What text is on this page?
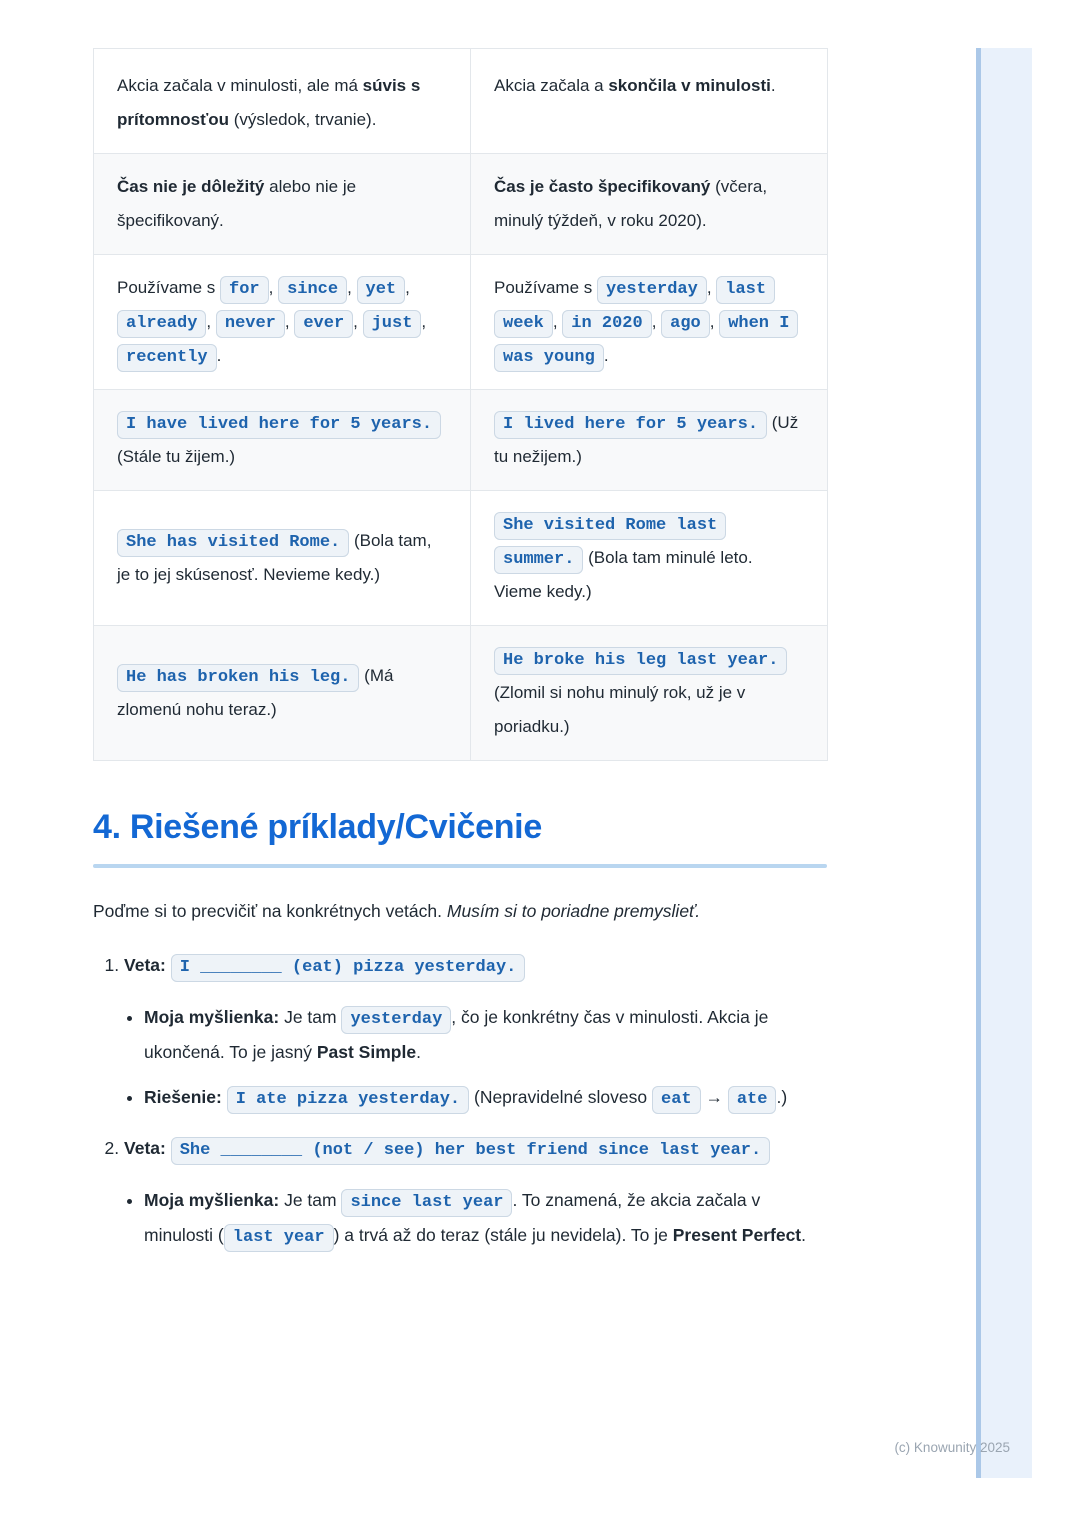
Akcia začala v minulosti, ale má súvis s prítomnosťou (výsledok, trvanie).	Akcia začala a skončila v minulosti.
Čas nie je dôležitý alebo nie je špecifikovaný.	Čas je často špecifikovaný (včera, minulý týždeň, v roku 2020).
Používame s for , since , yet , already , never , ever , just , recently .	Používame s yesterday , last week , in 2020 , ago , when I was young .
I have lived here for 5 years. (Stále tu žijem.)	I lived here for 5 years. (Už tu nežijem.)
She has visited Rome. (Bola tam, je to jej skúsenosť. Nevieme kedy.)	She visited Rome last summer. (Bola tam minulé leto. Vieme kedy.)
He has broken his leg. (Má zlomenú nohu teraz.)	He broke his leg last year. (Zlomil si nohu minulý rok, už je v poriadku.)
4. Riešené príklady/Cvičenie

Poďme si to precvičiť na konkrétnych vetách. Musím si to poriadne premyslieť.

1. Veta: I ________ (eat) pizza yesterday.
• Moja myšlienka: Je tam yesterday , čo je konkrétny čas v minulosti. Akcia je ukončená. To je jasný Past Simple.
• Riešenie: I ate pizza yesterday. (Nepravidelné sloveso eat → ate .)
2. Veta: She ________ (not / see) her best friend since last year.
• Moja myšlienka: Je tam since last year . To znamená, že akcia začala v minulosti ( last year ) a trvá až do teraz (stále ju nevidela). To je Present Perfect.
(c) Knowunity 2025
